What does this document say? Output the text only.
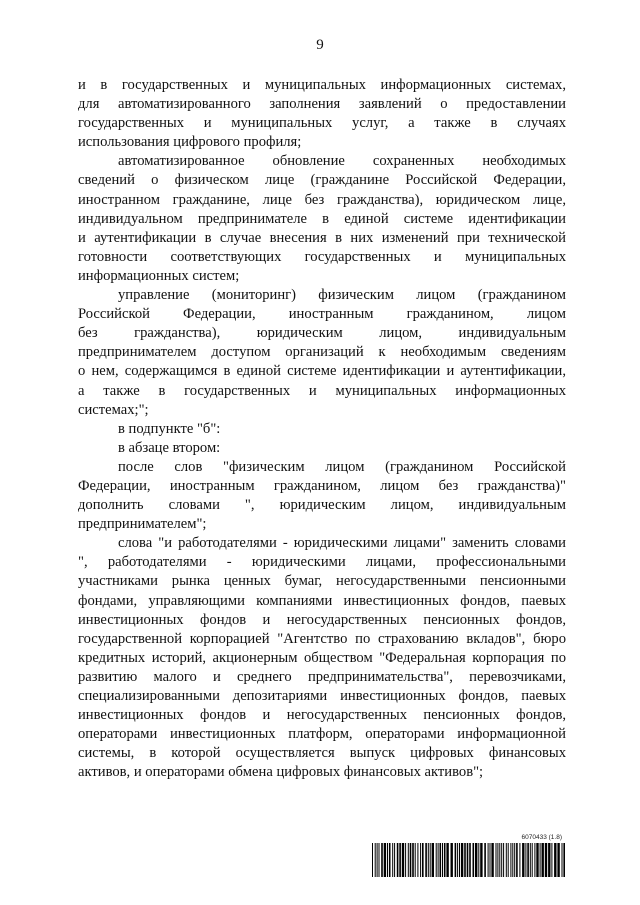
9
и в государственных и муниципальных информационных системах,
для автоматизированного заполнения заявлений о предоставлении
государственных и муниципальных услуг, а также в случаях
использования цифрового профиля;
автоматизированное обновление сохраненных необходимых
сведений о физическом лице (гражданине Российской Федерации,
иностранном гражданине, лице без гражданства), юридическом лице,
индивидуальном предпринимателе в единой системе идентификации
и аутентификации в случае внесения в них изменений при технической
готовности соответствующих государственных и муниципальных
информационных систем;
управление (мониторинг) физическим лицом (гражданином
Российской Федерации, иностранным гражданином, лицом
без гражданства), юридическим лицом, индивидуальным
предпринимателем доступом организаций к необходимым сведениям
о нем, содержащимся в единой системе идентификации и аутентификации,
а также в государственных и муниципальных информационных
системах;";
в подпункте "б":
в абзаце втором:
после слов "физическим лицом (гражданином Российской
Федерации, иностранным гражданином, лицом без гражданства)"
дополнить словами ", юридическим лицом, индивидуальным
предпринимателем";
слова "и работодателями - юридическими лицами" заменить словами
", работодателями - юридическими лицами, профессиональными
участниками рынка ценных бумаг, негосударственными пенсионными
фондами, управляющими компаниями инвестиционных фондов, паевых
инвестиционных фондов и негосударственных пенсионных фондов,
государственной корпорацией "Агентство по страхованию вкладов", бюро
кредитных историй, акционерным обществом "Федеральная корпорация по
развитию малого и среднего предпринимательства", перевозчиками,
специализированными депозитариями инвестиционных фондов, паевых
инвестиционных фондов и негосударственных пенсионных фондов,
операторами инвестиционных платформ, операторами информационной
системы, в которой осуществляется выпуск цифровых финансовых
активов, и операторами обмена цифровых финансовых активов";
6070433 (1.8)
